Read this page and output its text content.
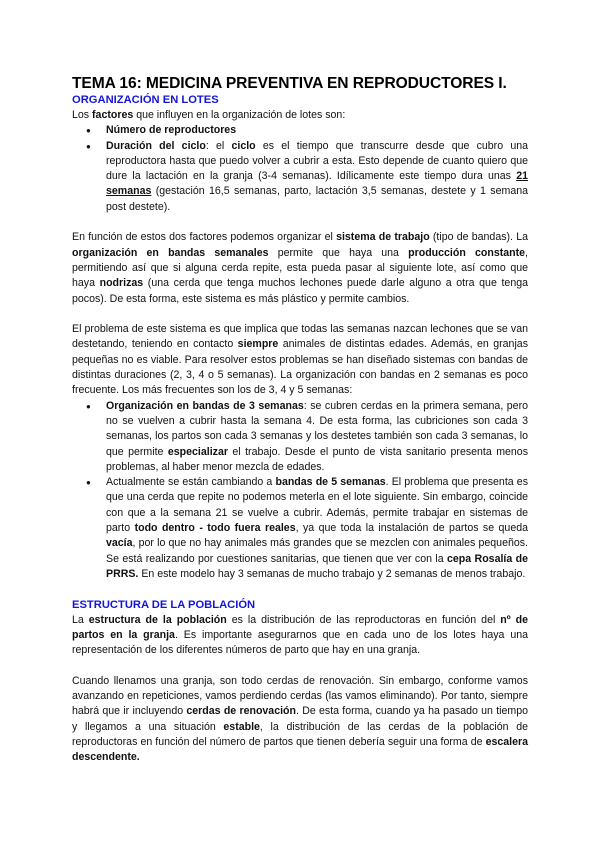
TEMA 16: MEDICINA PREVENTIVA EN REPRODUCTORES I.
ORGANIZACIÓN EN LOTES

Los factores que influyen en la organización de lotes son:

● Número de reproductores
● Duración del ciclo: el ciclo es el tiempo que transcurre desde que cubro una reproductora hasta que puedo volver a cubrir a esta. Esto depende de cuanto quiero que dure la lactación en la granja (3-4 semanas). Idílicamente este tiempo dura unas 21 semanas (gestación 16,5 semanas, parto, lactación 3,5 semanas, destete y 1 semana post destete).

En función de estos dos factores podemos organizar el sistema de trabajo (tipo de bandas). La organización en bandas semanales permite que haya una producción constante, permitiendo así que si alguna cerda repite, esta pueda pasar al siguiente lote, así como que haya nodrizas (una cerda que tenga muchos lechones puede darle alguno a otra que tenga pocos). De esta forma, este sistema es más plástico y permite cambios.

El problema de este sistema es que implica que todas las semanas nazcan lechones que se van destetando, teniendo en contacto siempre animales de distintas edades. Además, en granjas pequeñas no es viable. Para resolver estos problemas se han diseñado sistemas con bandas de distintas duraciones (2, 3, 4 o 5 semanas). La organización con bandas en 2 semanas es poco frecuente. Los más frecuentes son los de 3, 4 y 5 semanas:

● Organización en bandas de 3 semanas: se cubren cerdas en la primera semana, pero no se vuelven a cubrir hasta la semana 4. De esta forma, las cubriciones son cada 3 semanas, los partos son cada 3 semanas y los destetes también son cada 3 semanas, lo que permite especializar el trabajo. Desde el punto de vista sanitario presenta menos problemas, al haber menor mezcla de edades.
● Actualmente se están cambiando a bandas de 5 semanas. El problema que presenta es que una cerda que repite no podemos meterla en el lote siguiente. Sin embargo, coincide con que a la semana 21 se vuelve a cubrir. Además, permite trabajar en sistemas de parto todo dentro - todo fuera reales, ya que toda la instalación de partos se queda vacía, por lo que no hay animales más grandes que se mezclen con animales pequeños. Se está realizando por cuestiones sanitarias, que tienen que ver con la cepa Rosalía de PRRS. En este modelo hay 3 semanas de mucho trabajo y 2 semanas de menos trabajo.
ESTRUCTURA DE LA POBLACIÓN

La estructura de la población es la distribución de las reproductoras en función del nº de partos en la granja. Es importante asegurarnos que en cada uno de los lotes haya una representación de los diferentes números de parto que hay en una granja.

Cuando llenamos una granja, son todo cerdas de renovación. Sin embargo, conforme vamos avanzando en repeticiones, vamos perdiendo cerdas (las vamos eliminando). Por tanto, siempre habrá que ir incluyendo cerdas de renovación. De esta forma, cuando ya ha pasado un tiempo y llegamos a una situación estable, la distribución de las cerdas de la población de reproductoras en función del número de partos que tienen debería seguir una forma de escalera descendente.
